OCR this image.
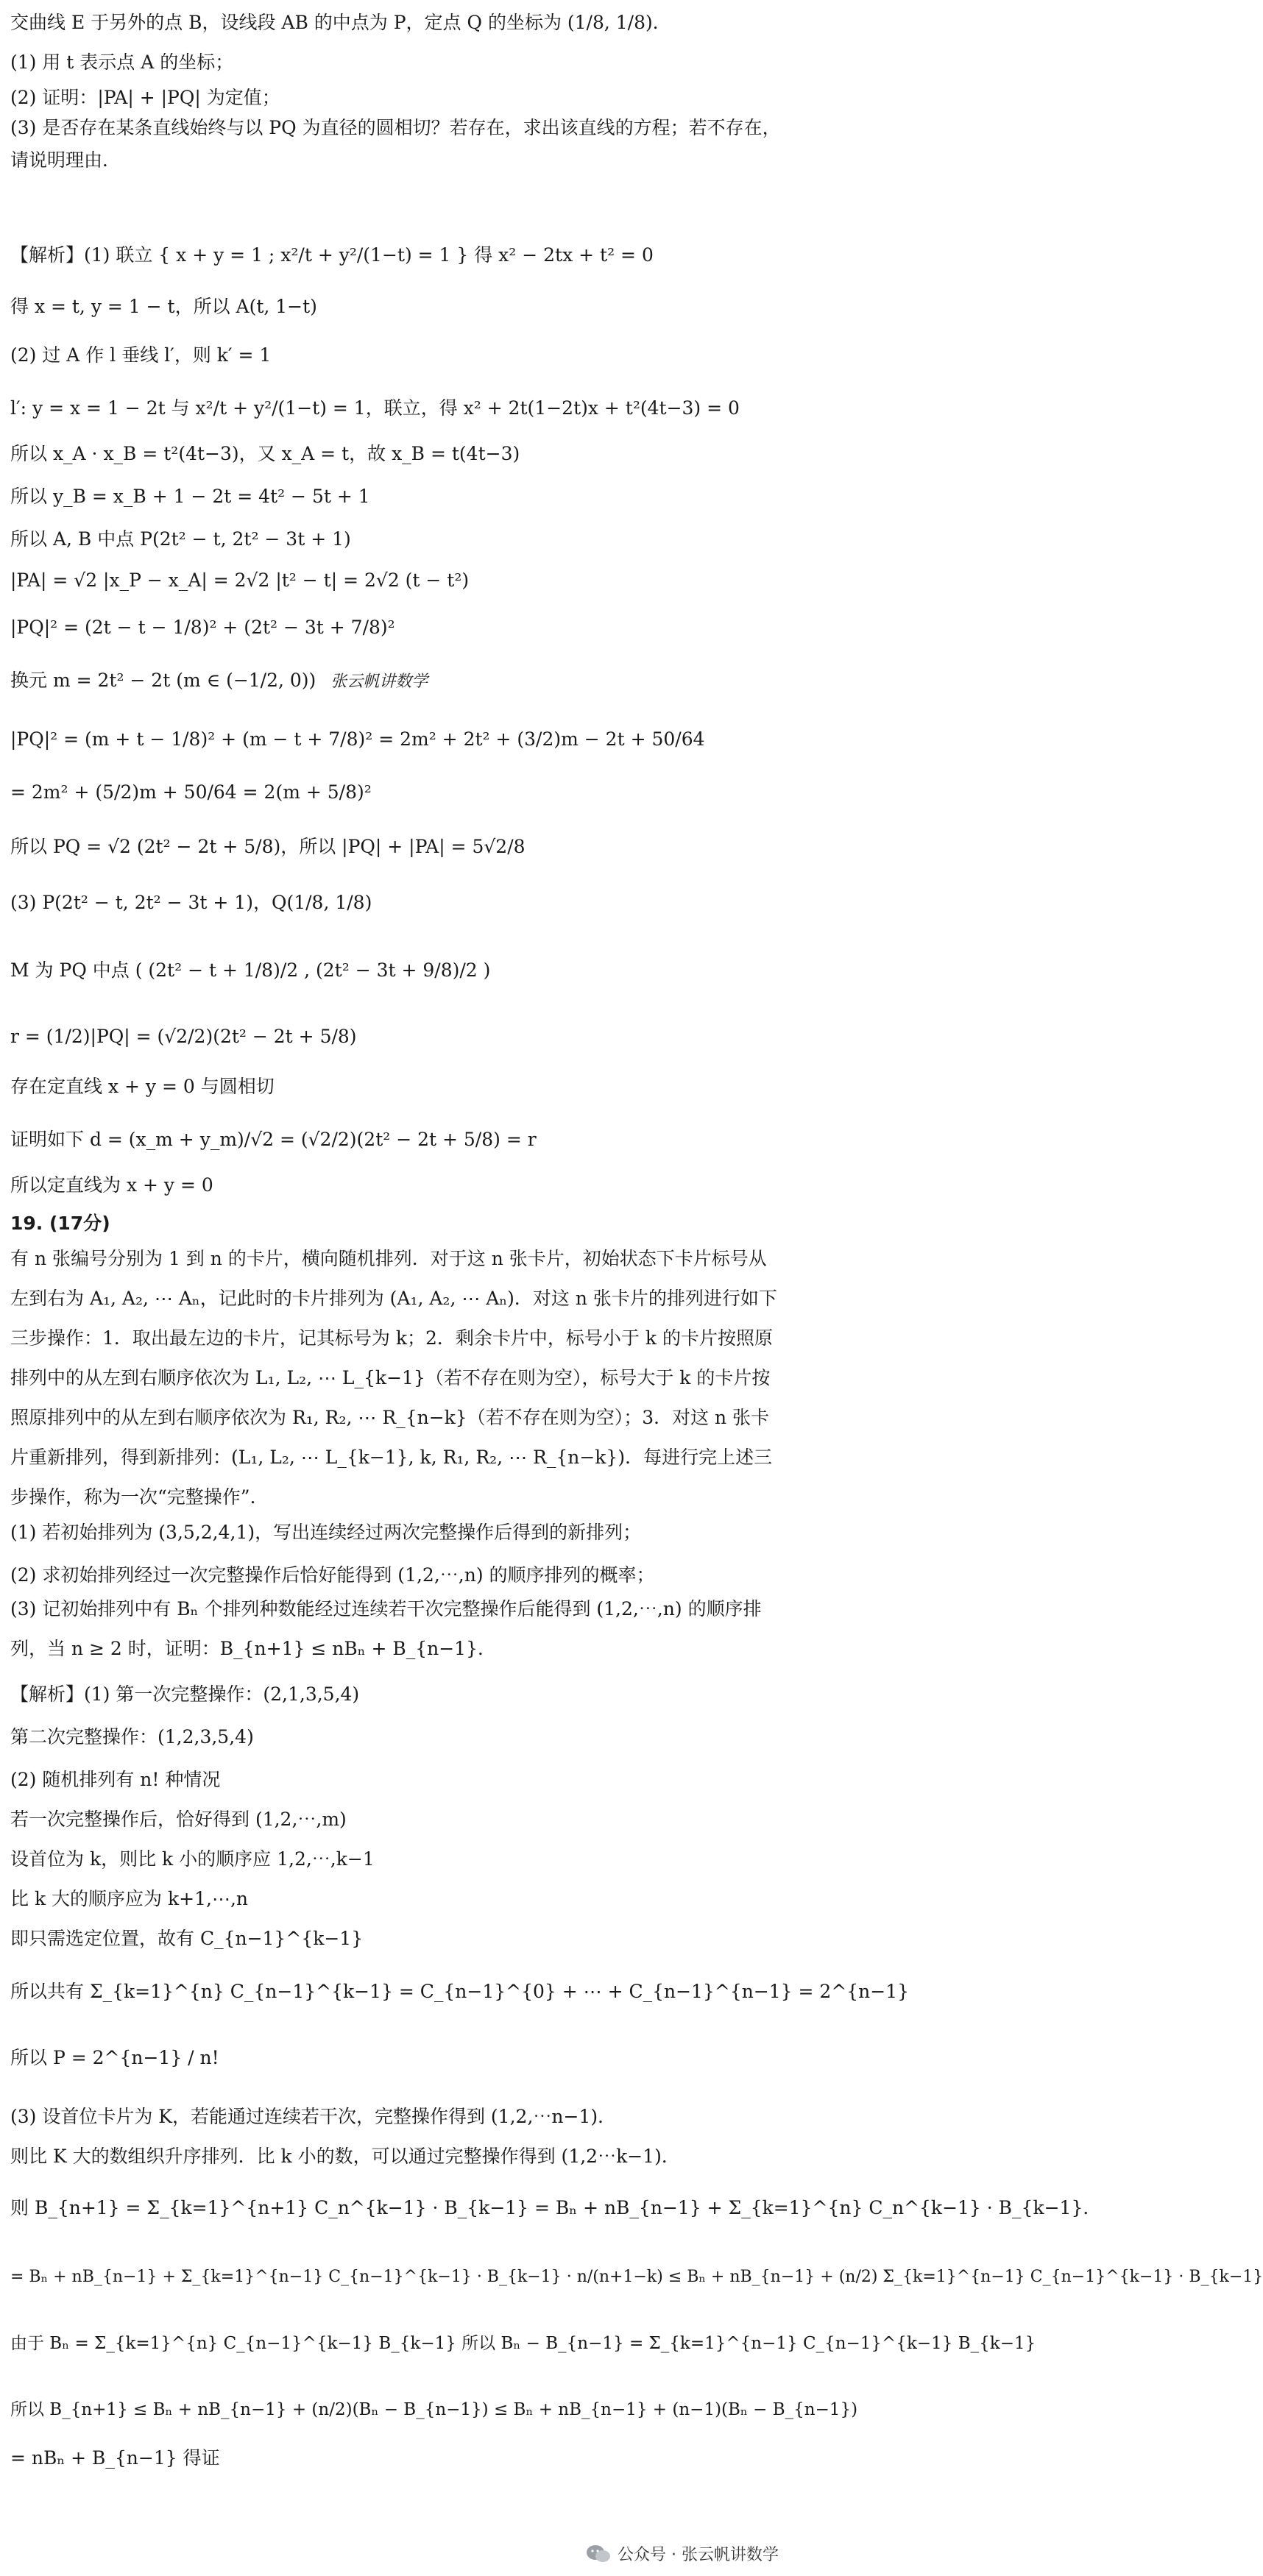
交曲线 E 于另外的点 B，设线段 AB 的中点为 P，定点 Q 的坐标为 (1/8, 1/8)．
(1) 用 t 表示点 A 的坐标；
(2) 证明：|PA| + |PQ| 为定值；
(3) 是否存在某条直线始终与以 PQ 为直径的圆相切？若存在，求出该直线的方程；若不存在，请说明理由．
【解析】(1) 联立 { x + y = 1 ; x²/t + y²/(1−t) = 1 } 得 x² − 2tx + t² = 0
得 x = t, y = 1 − t，所以 A(t, 1−t)
(2) 过 A 作 l 垂线 l′，则 k′ = 1
l′: y = x = 1 − 2t 与 x²/t + y²/(1−t) = 1，联立，得 x² + 2t(1−2t)x + t²(4t−3) = 0
所以 x_A · x_B = t²(4t−3)，又 x_A = t，故 x_B = t(4t−3)
所以 y_B = x_B + 1 − 2t = 4t² − 5t + 1
所以 A, B 中点 P(2t² − t, 2t² − 3t + 1)
|PA| = √2 |x_P − x_A| = 2√2 |t² − t| = 2√2 (t − t²)
|PQ|² = (2t − t − 1/8)² + (2t² − 3t + 7/8)²
换元 m = 2t² − 2t (m ∈ (−1/2, 0)) 张云帆讲数学
|PQ|² = (m + t − 1/8)² + (m − t + 7/8)² = 2m² + 2t² + (3/2)m − 2t + 50/64
= 2m² + (5/2)m + 50/64 = 2(m + 5/8)²
所以 PQ = √2 (2t² − 2t + 5/8)，所以 |PQ| + |PA| = 5√2/8
(3) P(2t² − t, 2t² − 3t + 1)，Q(1/8, 1/8)
M 为 PQ 中点 ( (2t² − t + 1/8)/2 , (2t² − 3t + 9/8)/2 )
r = (1/2)|PQ| = (√2/2)(2t² − 2t + 5/8)
存在定直线 x + y = 0 与圆相切
证明如下 d = (x_m + y_m)/√2 = (√2/2)(2t² − 2t + 5/8) = r
所以定直线为 x + y = 0
19. (17分)
有 n 张编号分别为 1 到 n 的卡片，横向随机排列．对于这 n 张卡片，初始状态下卡片标号从左到右为 A₁, A₂, ⋯ Aₙ，记此时的卡片排列为 (A₁, A₂, ⋯ Aₙ)．对这 n 张卡片的排列进行如下三步操作：1．取出最左边的卡片，记其标号为 k；2．剩余卡片中，标号小于 k 的卡片按照原排列中的从左到右顺序依次为 L₁, L₂, ⋯ L_{k−1}（若不存在则为空），标号大于 k 的卡片按照原排列中的从左到右顺序依次为 R₁, R₂, ⋯ R_{n−k}（若不存在则为空）；3．对这 n 张卡片重新排列，得到新排列：(L₁, L₂, ⋯ L_{k−1}, k, R₁, R₂, ⋯ R_{n−k})．每进行完上述三步操作，称为一次“完整操作”．
(1) 若初始排列为 (3,5,2,4,1)，写出连续经过两次完整操作后得到的新排列；
(2) 求初始排列经过一次完整操作后恰好能得到 (1,2,⋯,n) 的顺序排列的概率；
(3) 记初始排列中有 Bₙ 个排列种数能经过连续若干次完整操作后能得到 (1,2,⋯,n) 的顺序排列，当 n ≥ 2 时，证明：B_{n+1} ≤ nBₙ + B_{n−1}．
【解析】(1) 第一次完整操作：(2,1,3,5,4)
第二次完整操作：(1,2,3,5,4)
(2) 随机排列有 n! 种情况
若一次完整操作后，恰好得到 (1,2,⋯,m)
设首位为 k，则比 k 小的顺序应 1,2,⋯,k−1
比 k 大的顺序应为 k+1,⋯,n
即只需选定位置，故有 C_{n−1}^{k−1}
所以共有 Σ_{k=1}^{n} C_{n−1}^{k−1} = C_{n−1}^{0} + ⋯ + C_{n−1}^{n−1} = 2^{n−1}
所以 P = 2^{n−1} / n!
(3) 设首位卡片为 K，若能通过连续若干次，完整操作得到 (1,2,⋯n−1)．
则比 K 大的数组织升序排列．比 k 小的数，可以通过完整操作得到 (1,2⋯k−1)．
则 B_{n+1} = Σ_{k=1}^{n+1} C_n^{k−1} · B_{k−1} = Bₙ + nB_{n−1} + Σ_{k=1}^{n} C_n^{k−1} · B_{k−1}．
= Bₙ + nB_{n−1} + Σ_{k=1}^{n−1} C_{n−1}^{k−1} · B_{k−1} · n/(n+1−k) ≤ Bₙ + nB_{n−1} + (n/2) Σ_{k=1}^{n−1} C_{n−1}^{k−1} · B_{k−1}
由于 Bₙ = Σ_{k=1}^{n} C_{n−1}^{k−1} B_{k−1} 所以 Bₙ − B_{n−1} = Σ_{k=1}^{n−1} C_{n−1}^{k−1} B_{k−1}
所以 B_{n+1} ≤ Bₙ + nB_{n−1} + (n/2)(Bₙ − B_{n−1}) ≤ Bₙ + nB_{n−1} + (n−1)(Bₙ − B_{n−1})
= nBₙ + B_{n−1} 得证
公众号 · 张云帆讲数学
